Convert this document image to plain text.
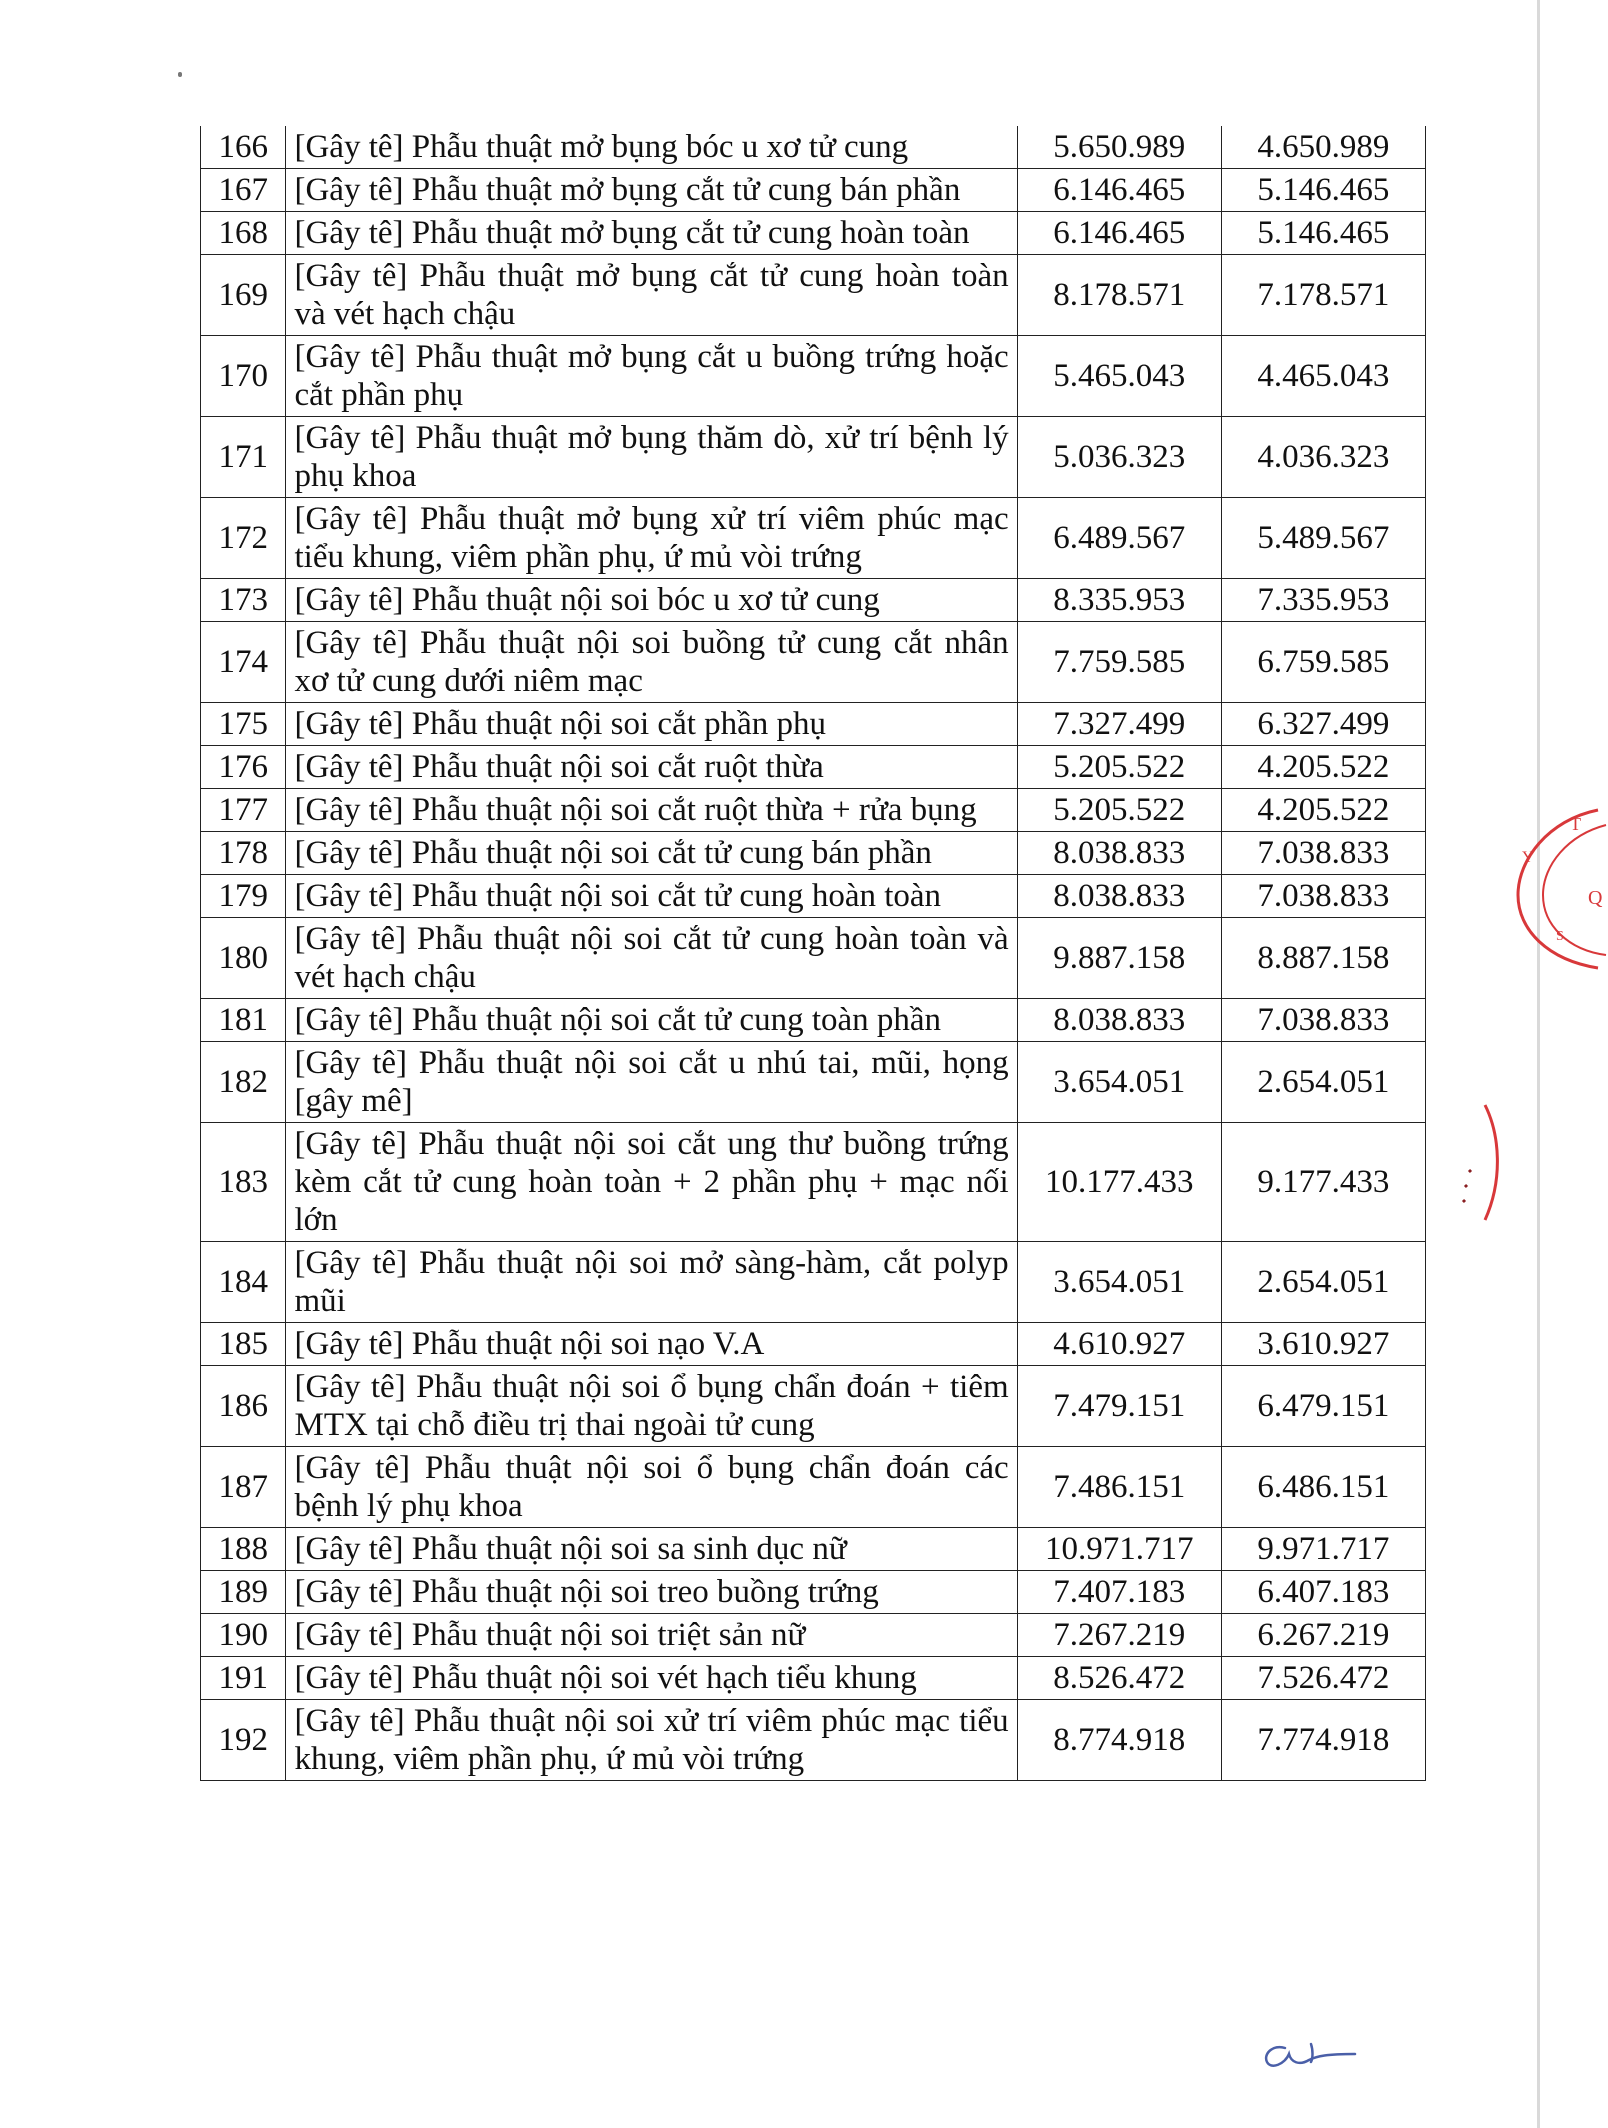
166	[Gây tê] Phẫu thuật mở bụng bóc u xơ tử cung	5.650.989	4.650.989
167	[Gây tê] Phẫu thuật mở bụng cắt tử cung bán phần	6.146.465	5.146.465
168	[Gây tê] Phẫu thuật mở bụng cắt tử cung hoàn toàn	6.146.465	5.146.465
169	[Gây tê] Phẫu thuật mở bụng cắt tử cung hoàn toàn và vét hạch chậu	8.178.571	7.178.571
170	[Gây tê] Phẫu thuật mở bụng cắt u buồng trứng hoặc cắt phần phụ	5.465.043	4.465.043
171	[Gây tê] Phẫu thuật mở bụng thăm dò, xử trí bệnh lý phụ khoa	5.036.323	4.036.323
172	[Gây tê] Phẫu thuật mở bụng xử trí viêm phúc mạc tiểu khung, viêm phần phụ, ứ mủ vòi trứng	6.489.567	5.489.567
173	[Gây tê] Phẫu thuật nội soi bóc u xơ tử cung	8.335.953	7.335.953
174	[Gây tê] Phẫu thuật nội soi buồng tử cung cắt nhân xơ tử cung dưới niêm mạc	7.759.585	6.759.585
175	[Gây tê] Phẫu thuật nội soi cắt phần phụ	7.327.499	6.327.499
176	[Gây tê] Phẫu thuật nội soi cắt ruột thừa	5.205.522	4.205.522
177	[Gây tê] Phẫu thuật nội soi cắt ruột thừa + rửa bụng	5.205.522	4.205.522
178	[Gây tê] Phẫu thuật nội soi cắt tử cung bán phần	8.038.833	7.038.833
179	[Gây tê] Phẫu thuật nội soi cắt tử cung hoàn toàn	8.038.833	7.038.833
180	[Gây tê] Phẫu thuật nội soi cắt tử cung hoàn toàn và vét hạch chậu	9.887.158	8.887.158
181	[Gây tê] Phẫu thuật nội soi cắt tử cung toàn phần	8.038.833	7.038.833
182	[Gây tê] Phẫu thuật nội soi cắt u nhú tai, mũi, họng [gây mê]	3.654.051	2.654.051
183	[Gây tê] Phẫu thuật nội soi cắt ung thư buồng trứng kèm cắt tử cung hoàn toàn + 2 phần phụ + mạc nối lớn	10.177.433	9.177.433
184	[Gây tê] Phẫu thuật nội soi mở sàng-hàm, cắt polyp mũi	3.654.051	2.654.051
185	[Gây tê] Phẫu thuật nội soi nạo V.A	4.610.927	3.610.927
186	[Gây tê] Phẫu thuật nội soi ổ bụng chẩn đoán + tiêm MTX tại chỗ điều trị thai ngoài tử cung	7.479.151	6.479.151
187	[Gây tê] Phẫu thuật nội soi ổ bụng chẩn đoán các bệnh lý phụ khoa	7.486.151	6.486.151
188	[Gây tê] Phẫu thuật nội soi sa sinh dục nữ	10.971.717	9.971.717
189	[Gây tê] Phẫu thuật nội soi treo buồng trứng	7.407.183	6.407.183
190	[Gây tê] Phẫu thuật nội soi triệt sản nữ	7.267.219	6.267.219
191	[Gây tê] Phẫu thuật nội soi vét hạch tiểu khung	8.526.472	7.526.472
192	[Gây tê] Phẫu thuật nội soi xử trí viêm phúc mạc tiểu khung, viêm phần phụ, ứ mủ vòi trứng	8.774.918	7.774.918
T
Y
Q
S
